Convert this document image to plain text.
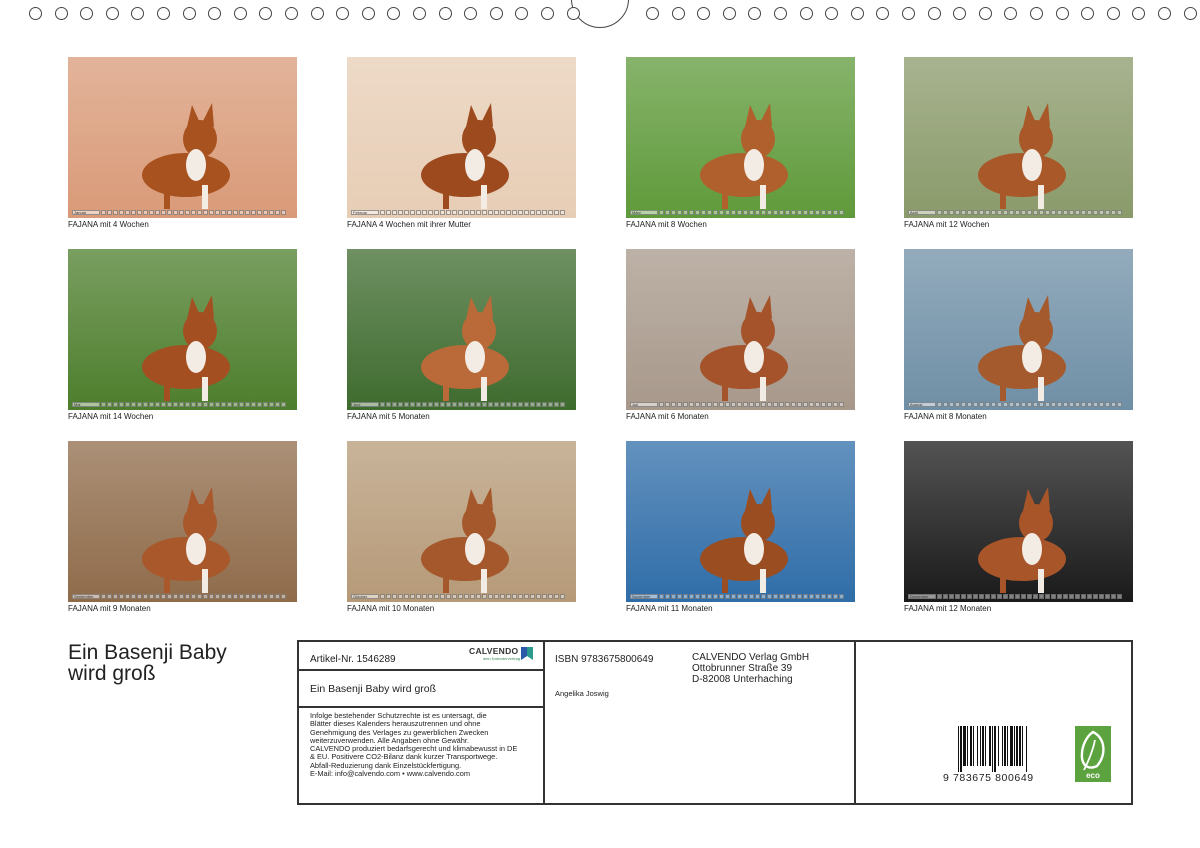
Januar
FAJANA mit 4 Wochen
Februar
FAJANA 4 Wochen mit ihrer Mutter
März
FAJANA mit 8 Wochen
April
FAJANA mit 12 Wochen
Mai
FAJANA mit 14 Wochen
Juni
FAJANA mit 5 Monaten
Juli
FAJANA mit 6 Monaten
August
FAJANA mit 8 Monaten
September
FAJANA mit 9 Monaten
Oktober
FAJANA mit 10 Monaten
November
FAJANA mit 11 Monaten
Dezember
FAJANA mit 12 Monaten
Ein Basenji Baby
wird groß
Artikel-Nr. 1546289
CALVENDO
dein Kalendervertrag
Ein Basenji Baby wird groß

Infolge bestehender Schutzrechte ist es untersagt, die

Blätter dieses Kalenders herauszutrennen und ohne

Genehmigung des Verlages zu gewerblichen Zwecken

weiterzuverwenden. Alle Angaben ohne Gewähr.

CALVENDO produziert bedarfsgerecht und klimabewusst in DE

& EU. Positivere CO2-Bilanz dank kurzer Transportwege.

Abfall-Reduzierung dank Einzelstückfertigung.

E-Mail: info@calvendo.com • www.calvendo.com

ISBN 9783675800649
Angelika Joswig
CALVENDO Verlag GmbH
Ottobrunner Straße 39
D-82008 Unterhaching
9 783675 800649	eco
